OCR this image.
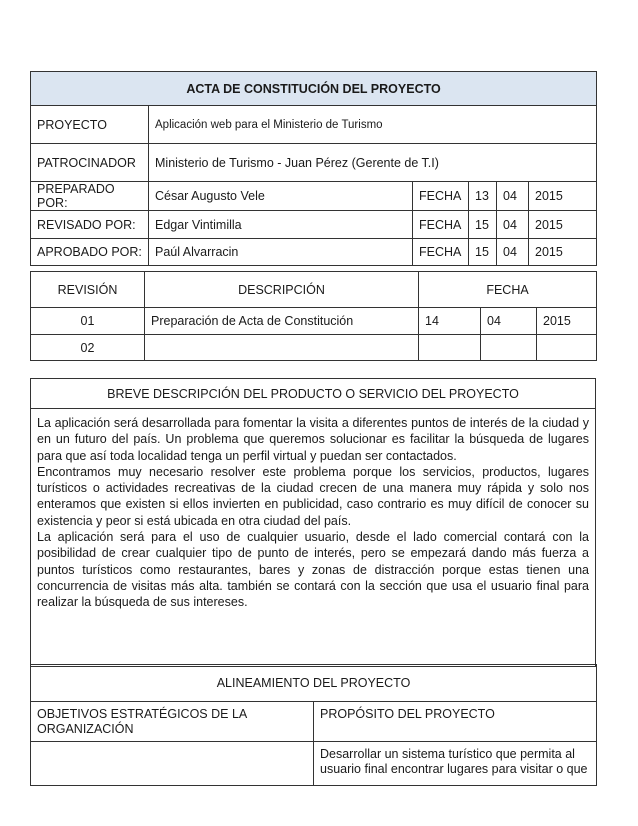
ACTA DE CONSTITUCIÓN DEL PROYECTO					
PROYECTO	Aplicación web para el Ministerio de Turismo				
PATROCINADOR	Ministerio de Turismo - Juan Pérez (Gerente de T.I)				
PREPARADO POR:	César Augusto Vele	FECHA	13	04	2015
REVISADO POR:	Edgar Vintimilla	FECHA	15	04	2015
APROBADO POR:	Paúl Alvarracin	FECHA	15	04	2015
REVISIÓN	DESCRIPCIÓN	FECHA		
01	Preparación de Acta de Constitución	14	04	2015
02				
BREVE DESCRIPCIÓN DEL PRODUCTO O SERVICIO DEL PROYECTO

La aplicación será desarrollada para fomentar la visita a diferentes puntos de interés de la ciudad y en un futuro del país. Un problema que queremos solucionar es facilitar la búsqueda de lugares para que así toda localidad tenga un perfil virtual y puedan ser contactados.

Encontramos muy necesario resolver este problema porque los servicios, productos, lugares turísticos o actividades recreativas de la ciudad crecen de una manera muy rápida y solo nos enteramos que existen si ellos invierten en publicidad, caso contrario es muy difícil de conocer su existencia y peor si está ubicada en otra ciudad del país.

La aplicación será para el uso de cualquier usuario, desde el lado comercial contará con la posibilidad de crear cualquier tipo de punto de interés, pero se empezará dando más fuerza a puntos turísticos como restaurantes, bares y zonas de distracción porque estas tienen una concurrencia de visitas más alta. también se contará con la sección que usa el usuario final para realizar la búsqueda de sus intereses.

ALINEAMIENTO DEL PROYECTO	
OBJETIVOS ESTRATÉGICOS DE LA ORGANIZACIÓN	PROPÓSITO DEL PROYECTO
	Desarrollar un sistema turístico que permita al usuario final encontrar lugares para visitar o que
